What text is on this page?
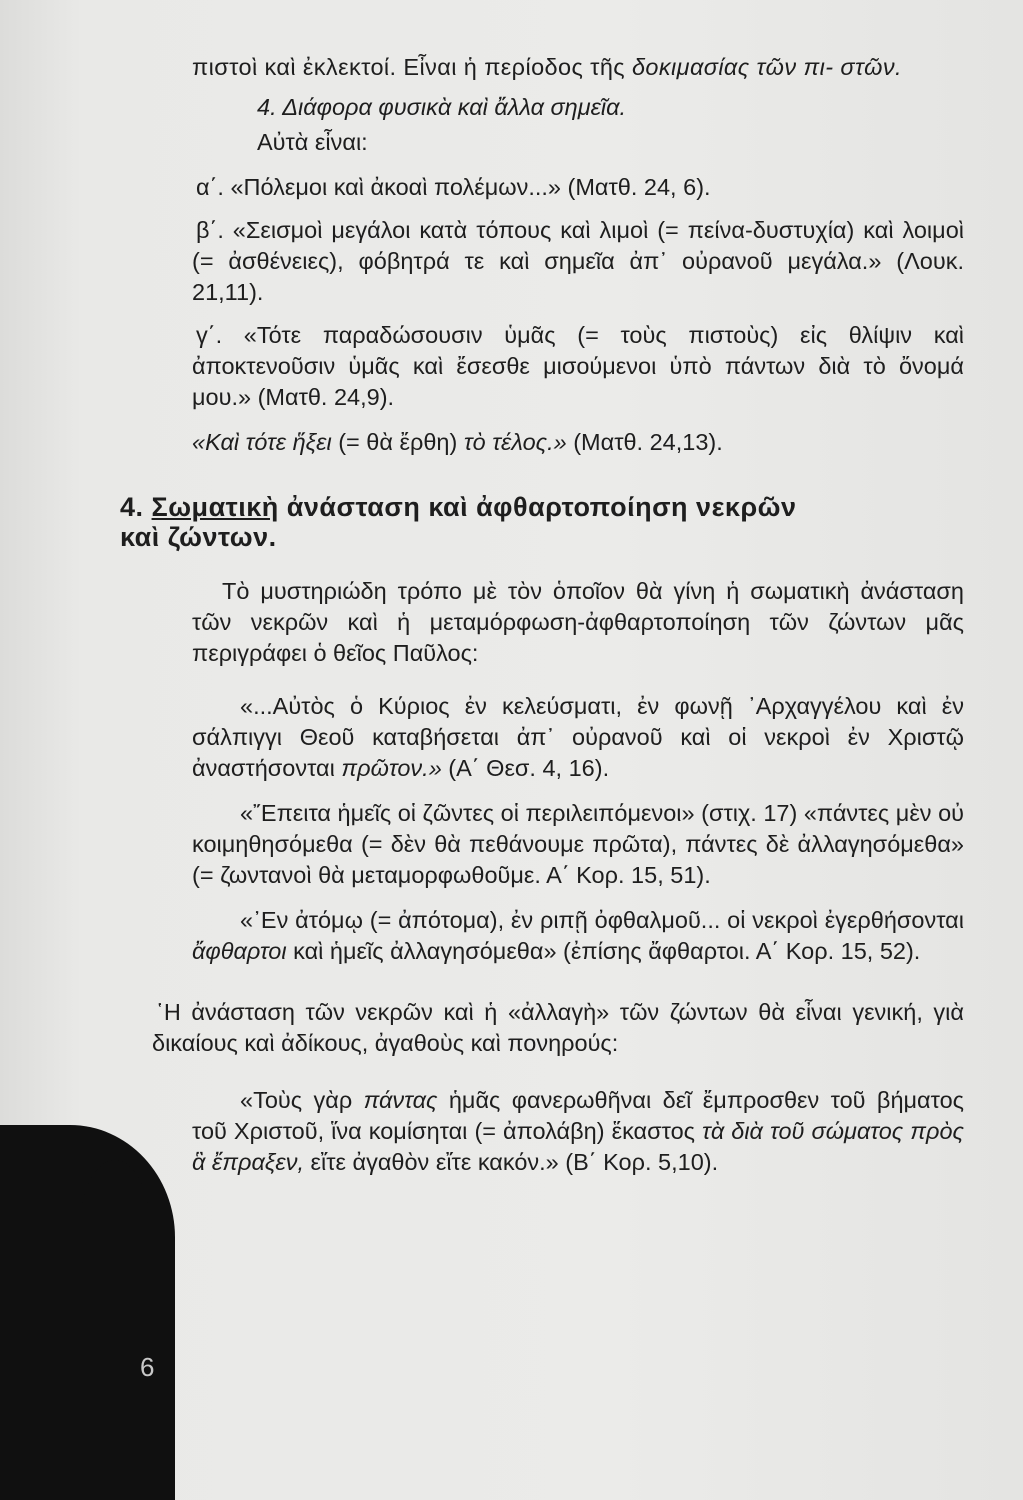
6

πιστοὶ καὶ ἐκλεκτοί. Εἶναι ἡ περίοδος τῆς δοκιμασίας τῶν πι- στῶν.

4. Διάφορα φυσικὰ καὶ ἄλλα σημεῖα.

Αὐτὰ εἶναι:

α΄. «Πόλεμοι καὶ ἀκοαὶ πολέμων...» (Ματθ. 24, 6).

β΄. «Σεισμοὶ μεγάλοι κατὰ τόπους καὶ λιμοὶ (= πείνα-δυστυχία) καὶ λοιμοὶ (= ἀσθένειες), φόβητρά τε καὶ σημεῖα ἀπ᾽ οὐρανοῦ μεγάλα.» (Λουκ. 21,11).

γ΄. «Τότε παραδώσουσιν ὑμᾶς (= τοὺς πιστοὺς) εἰς θλίψιν καὶ ἀποκτενοῦσιν ὑμᾶς καὶ ἔσεσθε μισούμενοι ὑπὸ πάντων διὰ τὸ ὄνομά μου.» (Ματθ. 24,9).

«Καὶ τότε ἥξει (= θὰ ἔρθη) τὸ τέλος.» (Ματθ. 24,13).

4. Σωματικὴ ἀνάσταση καὶ ἀφθαρτοποίηση νεκρῶν
καὶ ζώντων.

Τὸ μυστηριώδη τρόπο μὲ τὸν ὁποῖον θὰ γίνη ἡ σωματικὴ ἀνάσταση τῶν νεκρῶν καὶ ἡ μεταμόρφωση-ἀφθαρτοποίηση τῶν ζώντων μᾶς περιγράφει ὁ θεῖος Παῦλος:

«...Αὐτὸς ὁ Κύριος ἐν κελεύσματι, ἐν φωνῇ ᾿Αρχαγγέλου καὶ ἐν σάλπιγγι Θεοῦ καταβήσεται ἀπ᾽ οὐρανοῦ καὶ οἱ νεκροὶ ἐν Χριστῷ ἀναστήσονται πρῶτον.» (Α΄ Θεσ. 4, 16).

«῎Επειτα ἡμεῖς οἱ ζῶντες οἱ περιλειπόμενοι» (στιχ. 17) «πάντες μὲν οὐ κοιμηθησόμεθα (= δὲν θὰ πεθάνουμε πρῶτα), πάντες δὲ ἀλλαγησόμεθα» (= ζωντανοὶ θὰ μεταμορφωθοῦμε. Α΄ Κορ. 15, 51).

«᾿Εν ἀτόμῳ (= ἀπότομα), ἐν ριπῇ ὀφθαλμοῦ... οἱ νεκροὶ ἐγερθήσονται ἄφθαρτοι καὶ ἡμεῖς ἀλλαγησόμεθα» (ἐπίσης ἄφθαρτοι. Α΄ Κορ. 15, 52).

῾Η ἀνάσταση τῶν νεκρῶν καὶ ἡ «ἀλλαγὴ» τῶν ζώντων θὰ εἶναι γενική, γιὰ δικαίους καὶ ἀδίκους, ἀγαθοὺς καὶ πονηρούς:

«Τοὺς γὰρ πάντας ἡμᾶς φανερωθῆναι δεῖ ἔμπροσθεν τοῦ βήματος τοῦ Χριστοῦ, ἵνα κομίσηται (= ἀπολάβη) ἕκαστος τὰ διὰ τοῦ σώματος πρὸς ἃ ἔπραξεν, εἴτε ἀγαθὸν εἴτε κακόν.» (Β΄ Κορ. 5,10).
